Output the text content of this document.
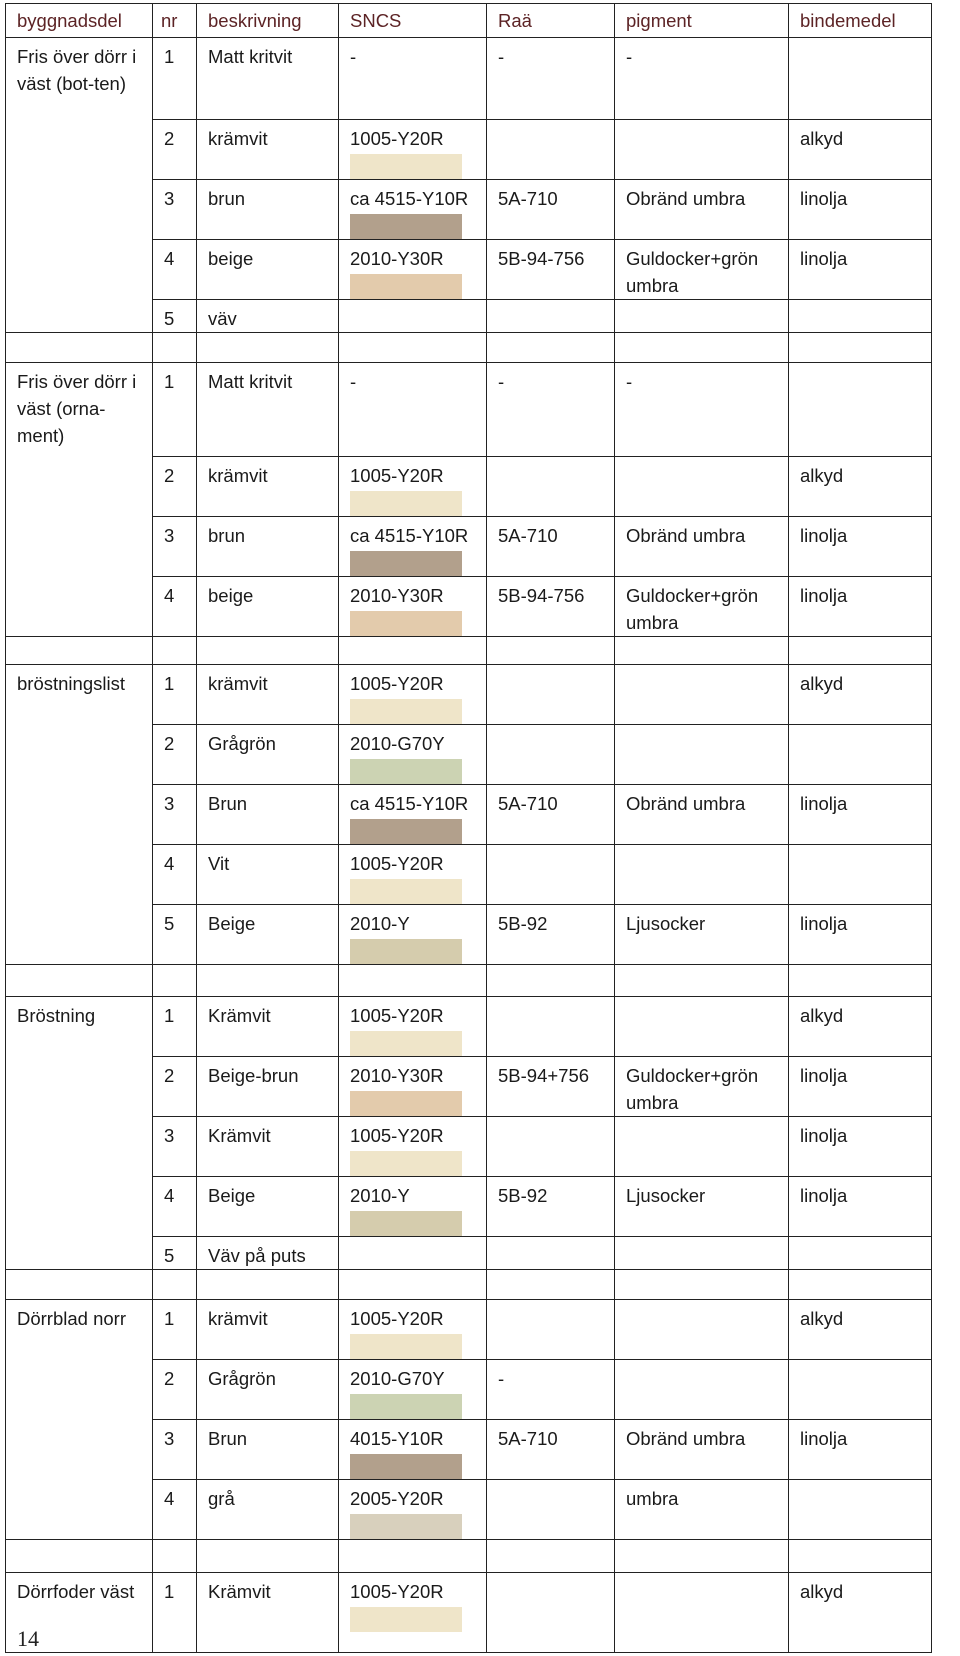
byggnadsdel	nr	beskrivning	SNCS	Raä	pigment	bindemedel
Fris över dörr i väst (bot-ten)	1	Matt kritvit	-	-	-	
	2	krämvit	1005-Y20R			alkyd
	3	brun	ca 4515-Y10R	5A-710	Obränd umbra	linolja
	4	beige	2010-Y30R	5B-94-756	Guldocker+grön umbra	linolja
	5	väv				

Fris över dörr i väst (orna-ment)	1	Matt kritvit	-	-	-	
	2	krämvit	1005-Y20R			alkyd
	3	brun	ca 4515-Y10R	5A-710	Obränd umbra	linolja
	4	beige	2010-Y30R	5B-94-756	Guldocker+grön umbra	linolja

bröstningslist	1	krämvit	1005-Y20R			alkyd
	2	Grågrön	2010-G70Y

	3	Brun	ca 4515-Y10R	5A-710	Obränd umbra	linolja
	4	Vit	1005-Y20R

	5	Beige	2010-Y	5B-92	Ljusocker	linolja

Bröstning	1	Krämvit	1005-Y20R			alkyd
	2	Beige-brun	2010-Y30R	5B-94+756	Guldocker+grön umbra	linolja
	3	Krämvit	1005-Y20R			linolja
	4	Beige	2010-Y	5B-92	Ljusocker	linolja
	5	Väv på puts				

Dörrblad norr	1	krämvit	1005-Y20R			alkyd
	2	Grågrön	2010-G70Y	-		
	3	Brun	4015-Y10R	5A-710	Obränd umbra	linolja
	4	grå	2005-Y20R		umbra	

Dörrfoder väst	1	Krämvit	1005-Y20R			alkyd
14
